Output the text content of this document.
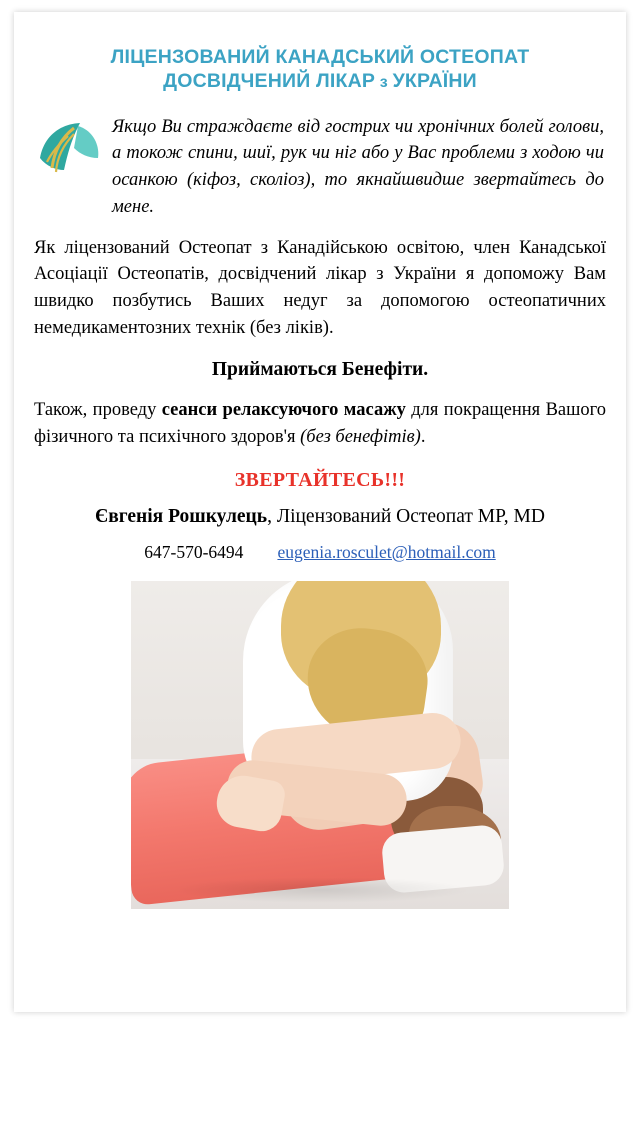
ЛІЦЕНЗОВАНИЙ КАНАДСЬКИЙ ОСТЕОПАТ
ДОСВІДЧЕНИЙ ЛІКАР з УКРАЇНИ
Якщо Ви страждаєте від гострих чи хронічних болей голови, а токож спини, шиї, рук чи ніг або у Вас проблеми з ходою чи осанкою (кіфоз, сколіоз), то якнайшвидше звертайтесь до мене.
Як ліцензований Остеопат з Канадійською освітою, член Канадської Асоціації Остеопатів, досвідчений лікар з України я допоможу Вам швидко позбутись Ваших недуг за допомогою остеопатичних немедикаментозних технік (без ліків).
Приймаються Бенефіти.
Також, проведу сеанси релаксуючого масажу для покращення Вашого фізичного та психічного здоров'я (без бенефітів).
ЗВЕРТАЙТЕСЬ!!!
Євгенія Рошкулець, Ліцензований Остеопат MP, MD
647-570-6494 eugenia.rosculet@hotmail.com
